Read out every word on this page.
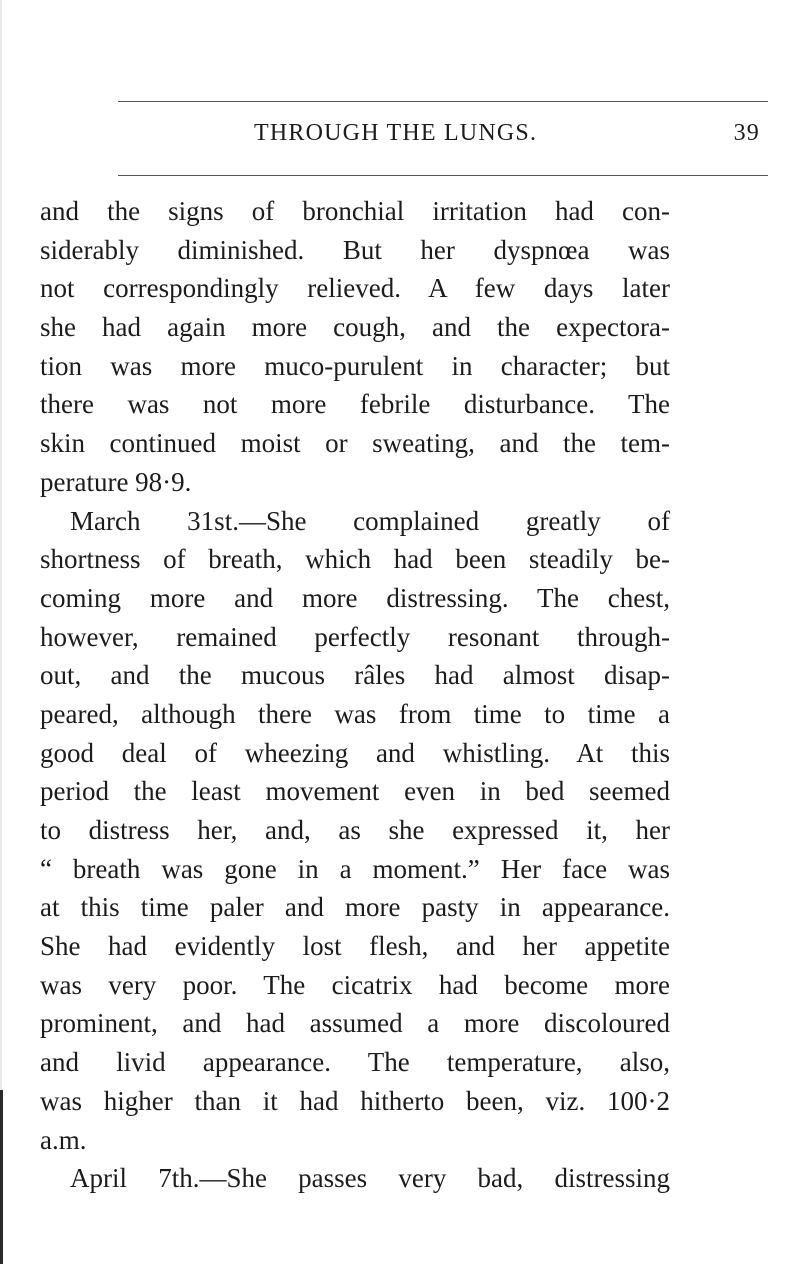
THROUGH THE LUNGS.	39
and the signs of bronchial irritation had con-
siderably diminished. But her dyspnœa was
not correspondingly relieved. A few days later
she had again more cough, and the expectora-
tion was more muco-purulent in character; but
there was not more febrile disturbance. The
skin continued moist or sweating, and the tem-
perature 98·9.
March 31st.—She complained greatly of
shortness of breath, which had been steadily be-
coming more and more distressing. The chest,
however, remained perfectly resonant through-
out, and the mucous râles had almost disap-
peared, although there was from time to time a
good deal of wheezing and whistling. At this
period the least movement even in bed seemed
to distress her, and, as she expressed it, her
“ breath was gone in a moment.” Her face was
at this time paler and more pasty in appearance.
She had evidently lost flesh, and her appetite
was very poor. The cicatrix had become more
prominent, and had assumed a more discoloured
and livid appearance. The temperature, also,
was higher than it had hitherto been, viz. 100·2
a.m.
April 7th.—She passes very bad, distressing
